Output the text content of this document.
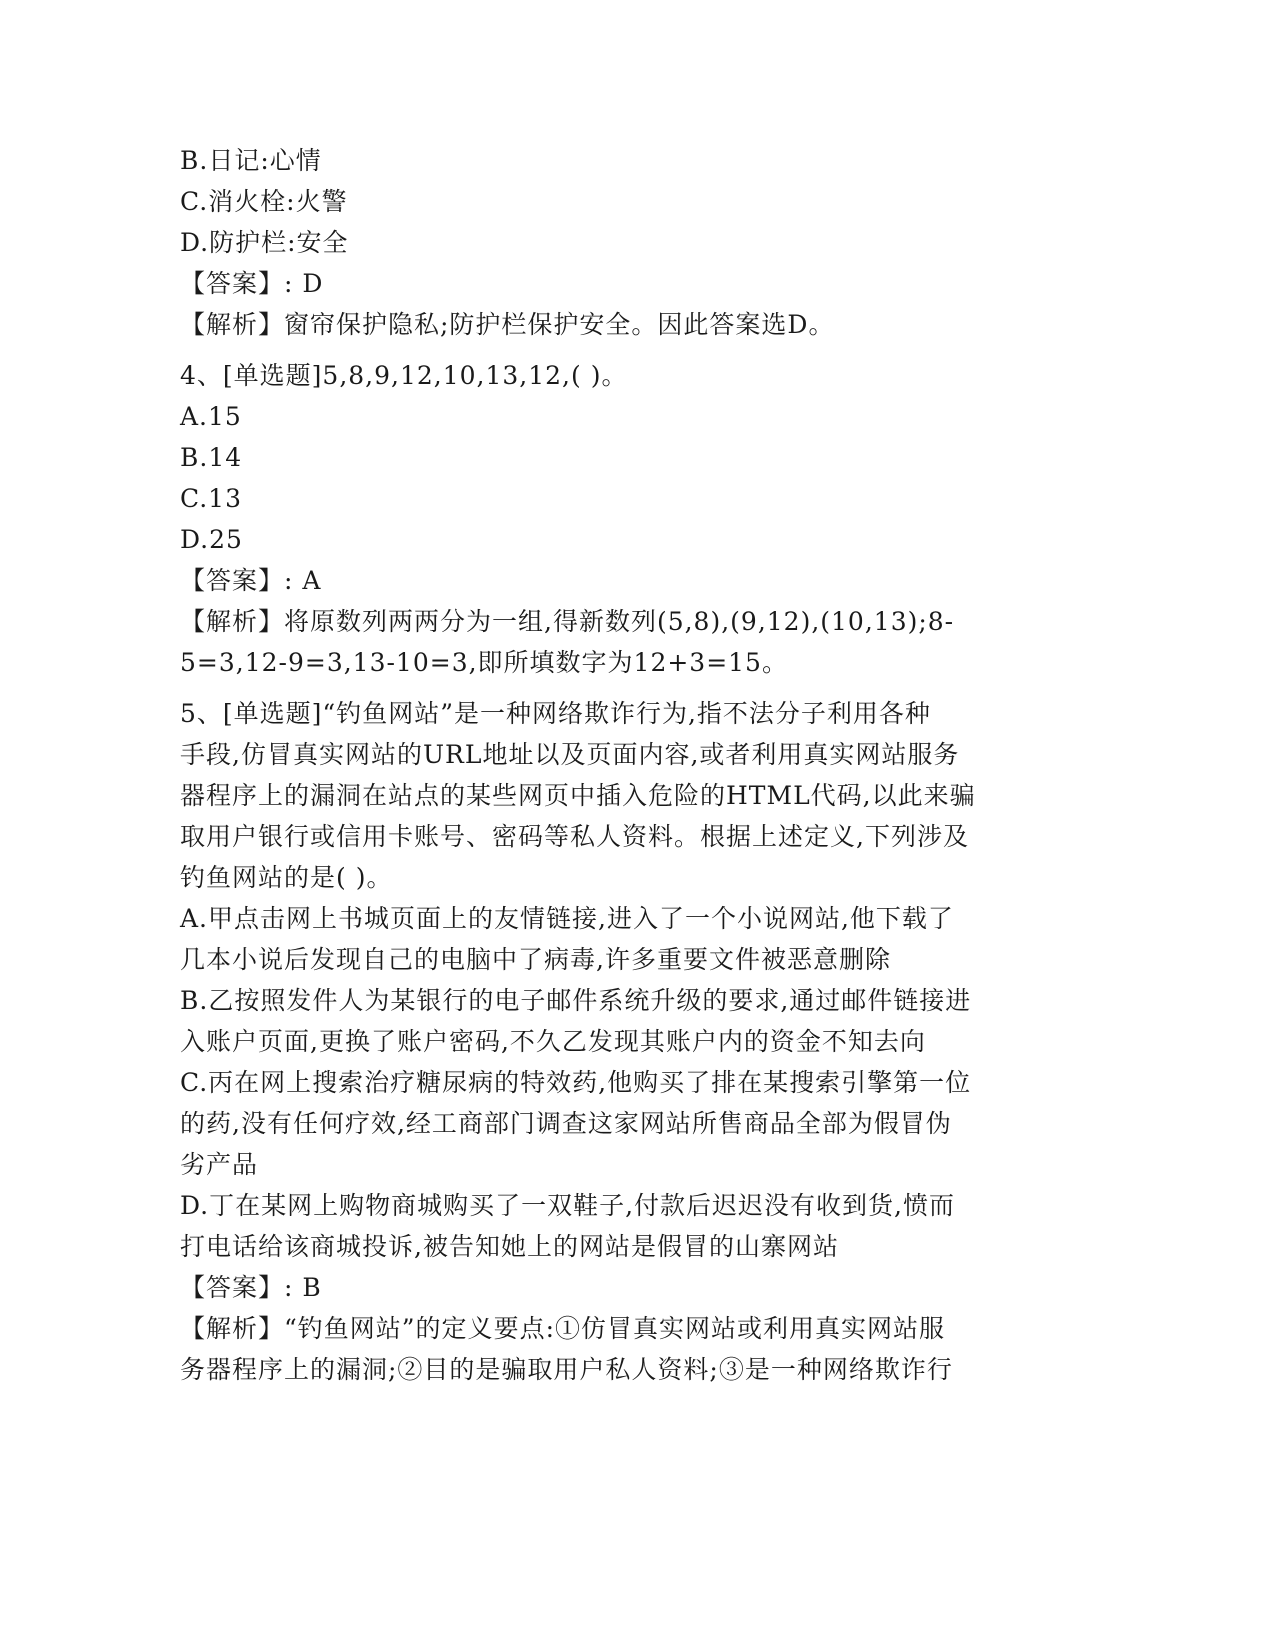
B.日记:心情
C.消火栓:火警
D.防护栏:安全
【答案】: D
【解析】窗帘保护隐私;防护栏保护安全。因此答案选D。
4、[单选题]5,8,9,12,10,13,12,( )。
A.15
B.14
C.13
D.25
【答案】: A
【解析】将原数列两两分为一组,得新数列(5,8),(9,12),(10,13);8-
5=3,12-9=3,13-10=3,即所填数字为12+3=15。
5、[单选题]“钓鱼网站”是一种网络欺诈行为,指不法分子利用各种
手段,仿冒真实网站的URL地址以及页面内容,或者利用真实网站服务
器程序上的漏洞在站点的某些网页中插入危险的HTML代码,以此来骗
取用户银行或信用卡账号、密码等私人资料。根据上述定义,下列涉及
钓鱼网站的是( )。
A.甲点击网上书城页面上的友情链接,进入了一个小说网站,他下载了
几本小说后发现自己的电脑中了病毒,许多重要文件被恶意删除
B.乙按照发件人为某银行的电子邮件系统升级的要求,通过邮件链接进
入账户页面,更换了账户密码,不久乙发现其账户内的资金不知去向
C.丙在网上搜索治疗糖尿病的特效药,他购买了排在某搜索引擎第一位
的药,没有任何疗效,经工商部门调查这家网站所售商品全部为假冒伪
劣产品
D.丁在某网上购物商城购买了一双鞋子,付款后迟迟没有收到货,愤而
打电话给该商城投诉,被告知她上的网站是假冒的山寨网站
【答案】: B
【解析】“钓鱼网站”的定义要点:①仿冒真实网站或利用真实网站服
务器程序上的漏洞;②目的是骗取用户私人资料;③是一种网络欺诈行
